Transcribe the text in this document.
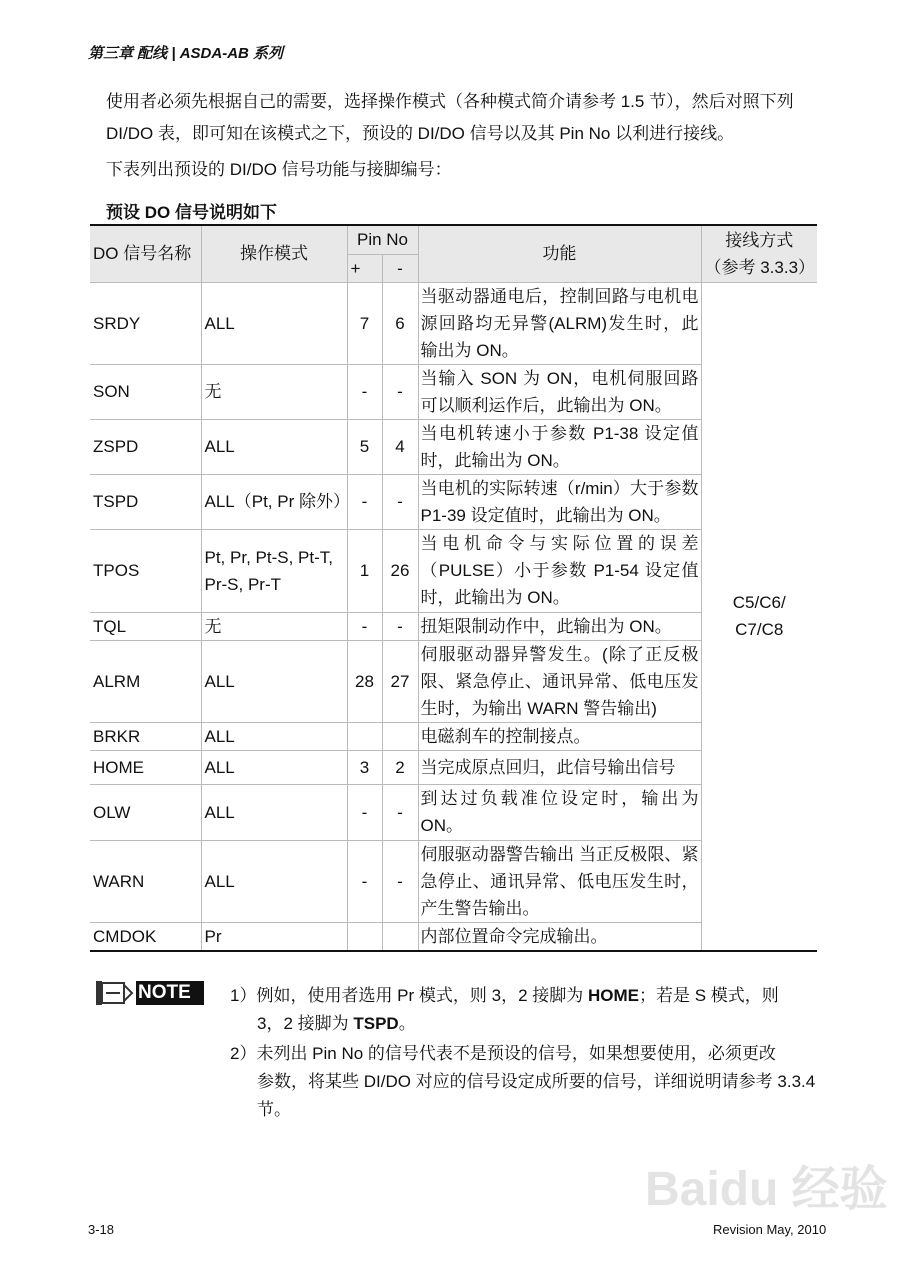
第三章 配线 | ASDA-AB 系列
使用者必须先根据自己的需要，选择操作模式（各种模式简介请参考 1.5 节），然后对照下列 DI/DO 表，即可知在该模式之下，预设的 DI/DO 信号以及其 Pin No 以利进行接线。
下表列出预设的 DI/DO 信号功能与接脚编号：
预设 DO 信号说明如下
DO 信号名称	操作模式	Pin No		功能	接线方式
（参考 3.3.3）
		+	-		
SRDY	ALL	7	6	当驱动器通电后，控制回路与电机电源回路均无异警(ALRM)发生时，此输出为 ON。	C5/C6/ C7/C8
SON	无	-	-	当输入 SON 为 ON，电机伺服回路可以顺利运作后，此输出为 ON。	
ZSPD	ALL	5	4	当电机转速小于参数 P1-38 设定值时，此输出为 ON。	
TSPD	ALL（Pt, Pr 除外）	-	-	当电机的实际转速（r/min）大于参数 P1-39 设定值时，此输出为 ON。	
TPOS	Pt, Pr, Pt-S, Pt-T, Pr-S, Pr-T	1	26	当电机命令与实际位置的误差（PULSE）小于参数 P1-54 设定值时，此输出为 ON。	
TQL	无	-	-	扭矩限制动作中，此输出为 ON。	
ALRM	ALL	28	27	伺服驱动器异警发生。(除了正反极限、紧急停止、通讯异常、低电压发生时，为输出 WARN 警告输出)	
BRKR	ALL			电磁刹车的控制接点。	
HOME	ALL	3	2	当完成原点回归，此信号输出信号	
OLW	ALL	-	-	到达过负载准位设定时，输出为ON。	
WARN	ALL	-	-	伺服驱动器警告输出 当正反极限、紧急停止、通讯异常、低电压发生时，产生警告输出。	
CMDOK	Pr			内部位置命令完成输出。	
NOTE 1）例如，使用者选用 Pr 模式，则 3，2 接脚为 HOME；若是 S 模式，则
3，2 接脚为 TSPD。
2）未列出 Pin No 的信号代表不是预设的信号，如果想要使用，必须更改
参数，将某些 DI/DO 对应的信号设定成所要的信号，详细说明请参考 3.3.4 节。
Baidu 经验
3-18	Revision May, 2010
